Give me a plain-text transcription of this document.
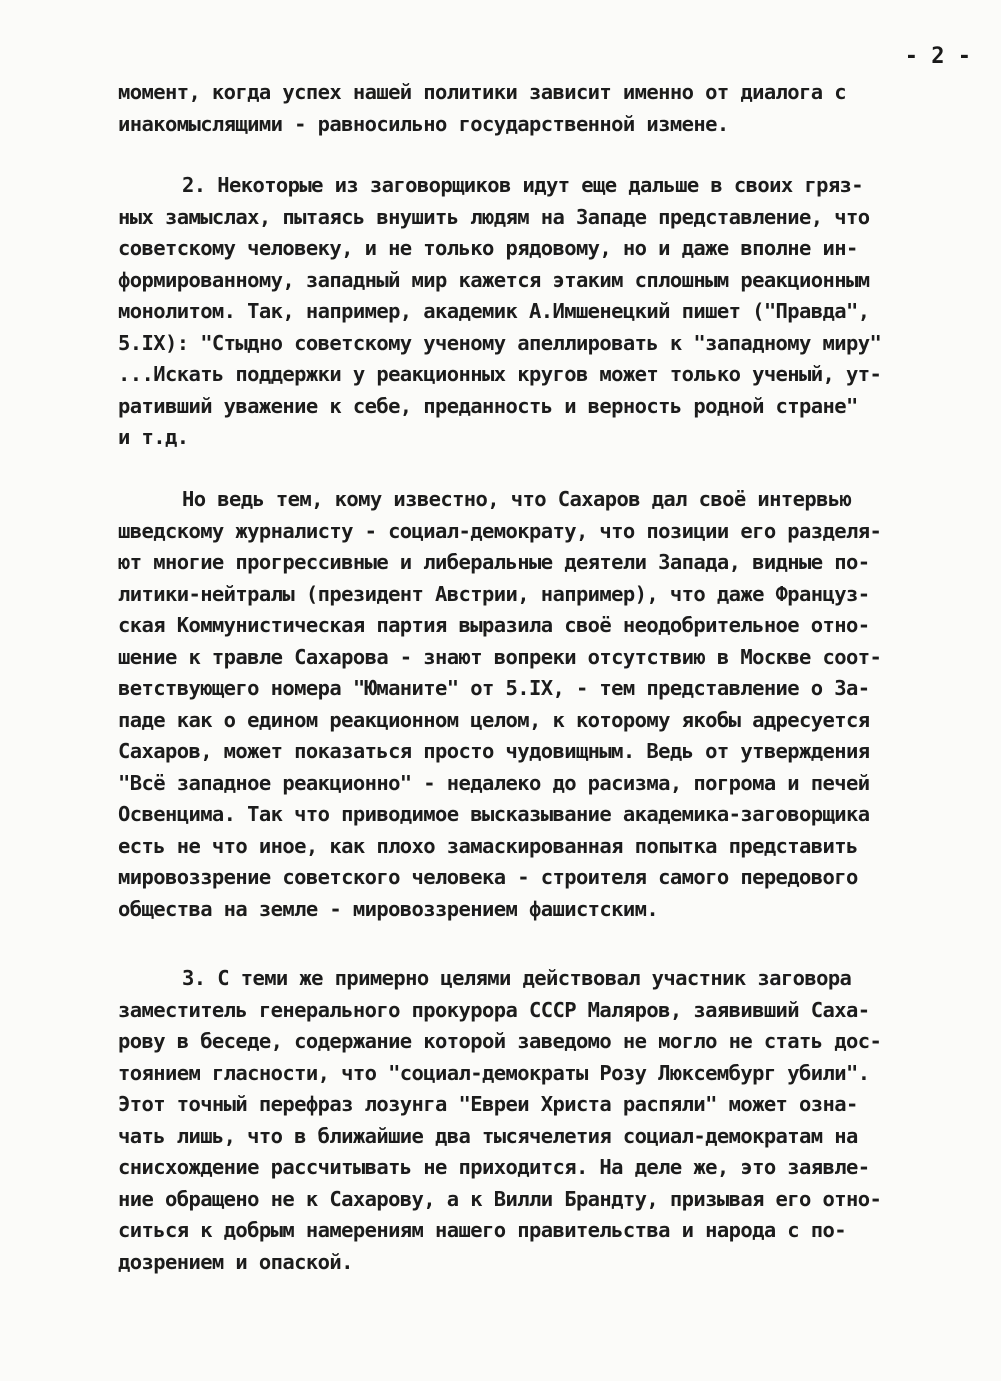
- 2 -
момент, когда успех нашей политики зависит именно от диалога с
инакомыслящими - равносильно государственной измене.
2. Некоторые из заговорщиков идут еще дальше в своих гряз-
ных замыслах, пытаясь внушить людям на Западе представление, что
советскому человеку, и не только рядовому, но и даже вполне ин-
формированному, западный мир кажется этаким сплошным реакционным
монолитом. Так, например, академик А.Имшенецкий пишет ("Правда",
5.IX): "Стыдно советскому ученому апеллировать к "западному миру"
...Искать поддержки у реакционных кругов может только ученый, ут-
ративший уважение к себе, преданность и верность родной стране"
и т.д.
Но ведь тем, кому известно, что Сахаров дал своё интервью
шведскому журналисту - социал-демократу, что позиции его разделя-
ют многие прогрессивные и либеральные деятели Запада, видные по-
литики-нейтралы (президент Австрии, например), что даже Француз-
ская Коммунистическая партия выразила своё неодобрительное отно-
шение к травле Сахарова - знают вопреки отсутствию в Москве соот-
ветствующего номера "Юманите" от 5.IX, - тем представление о За-
паде как о едином реакционном целом, к которому якобы адресуется
Сахаров, может показаться просто чудовищным. Ведь от утверждения
"Всё западное реакционно" - недалеко до расизма, погрома и печей
Освенцима. Так что приводимое высказывание академика-заговорщика
есть не что иное, как плохо замаскированная попытка представить
мировоззрение советского человека - строителя самого передового
общества на земле - мировоззрением фашистским.
3. С теми же примерно целями действовал участник заговора
заместитель генерального прокурора СССР Маляров, заявивший Саха-
рову в беседе, содержание которой заведомо не могло не стать дос-
тоянием гласности, что "социал-демократы Розу Люксембург убили".
Этот точный перефраз лозунга "Евреи Христа распяли" может озна-
чать лишь, что в ближайшие два тысячелетия социал-демократам на
снисхождение рассчитывать не приходится. На деле же, это заявле-
ние обращено не к Сахарову, а к Вилли Брандту, призывая его отно-
ситься к добрым намерениям нашего правительства и народа с по-
дозрением и опаской.
